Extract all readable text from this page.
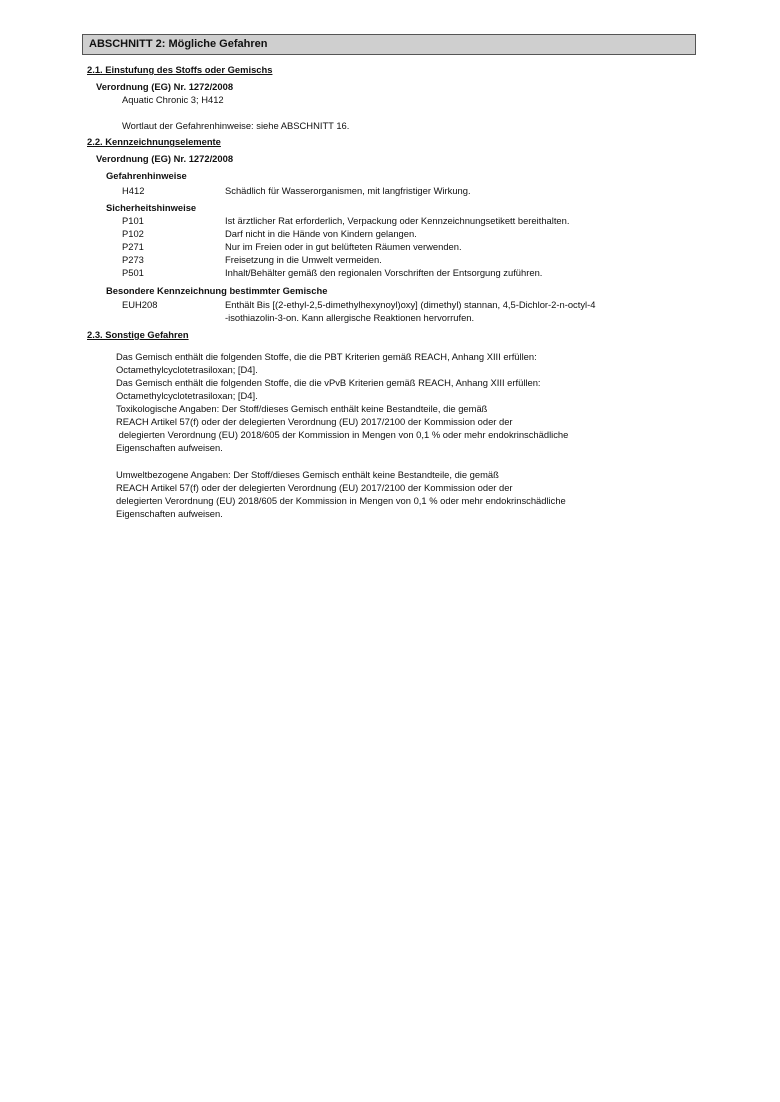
ABSCHNITT 2: Mögliche Gefahren
2.1. Einstufung des Stoffs oder Gemischs
Verordnung (EG) Nr. 1272/2008
Aquatic Chronic 3; H412
Wortlaut der Gefahrenhinweise: siehe ABSCHNITT 16.
2.2. Kennzeichnungselemente
Verordnung (EG) Nr. 1272/2008
Gefahrenhinweise
H412	Schädlich für Wasserorganismen, mit langfristiger Wirkung.
Sicherheitshinweise
P101	Ist ärztlicher Rat erforderlich, Verpackung oder Kennzeichnungsetikett bereithalten.
P102	Darf nicht in die Hände von Kindern gelangen.
P271	Nur im Freien oder in gut belüfteten Räumen verwenden.
P273	Freisetzung in die Umwelt vermeiden.
P501	Inhalt/Behälter gemäß den regionalen Vorschriften der Entsorgung zuführen.
Besondere Kennzeichnung bestimmter Gemische
EUH208	Enthält Bis [(2-ethyl-2,5-dimethylhexynoyl)oxy] (dimethyl) stannan, 4,5-Dichlor-2-n-octyl-4
-isothiazolin-3-on. Kann allergische Reaktionen hervorrufen.
2.3. Sonstige Gefahren
Das Gemisch enthält die folgenden Stoffe, die die PBT Kriterien gemäß REACH, Anhang XIII erfüllen:
Octamethylcyclotetrasiloxan; [D4].
Das Gemisch enthält die folgenden Stoffe, die die vPvB Kriterien gemäß REACH, Anhang XIII erfüllen:
Octamethylcyclotetrasiloxan; [D4].
Toxikologische Angaben: Der Stoff/dieses Gemisch enthält keine Bestandteile, die gemäß
REACH Artikel 57(f) oder der delegierten Verordnung (EU) 2017/2100 der Kommission oder der
delegierten Verordnung (EU) 2018/605 der Kommission in Mengen von 0,1 % oder mehr endokrinschädliche
Eigenschaften aufweisen.
Umweltbezogene Angaben: Der Stoff/dieses Gemisch enthält keine Bestandteile, die gemäß
REACH Artikel 57(f) oder der delegierten Verordnung (EU) 2017/2100 der Kommission oder der
delegierten Verordnung (EU) 2018/605 der Kommission in Mengen von 0,1 % oder mehr endokrinschädliche
Eigenschaften aufweisen.
